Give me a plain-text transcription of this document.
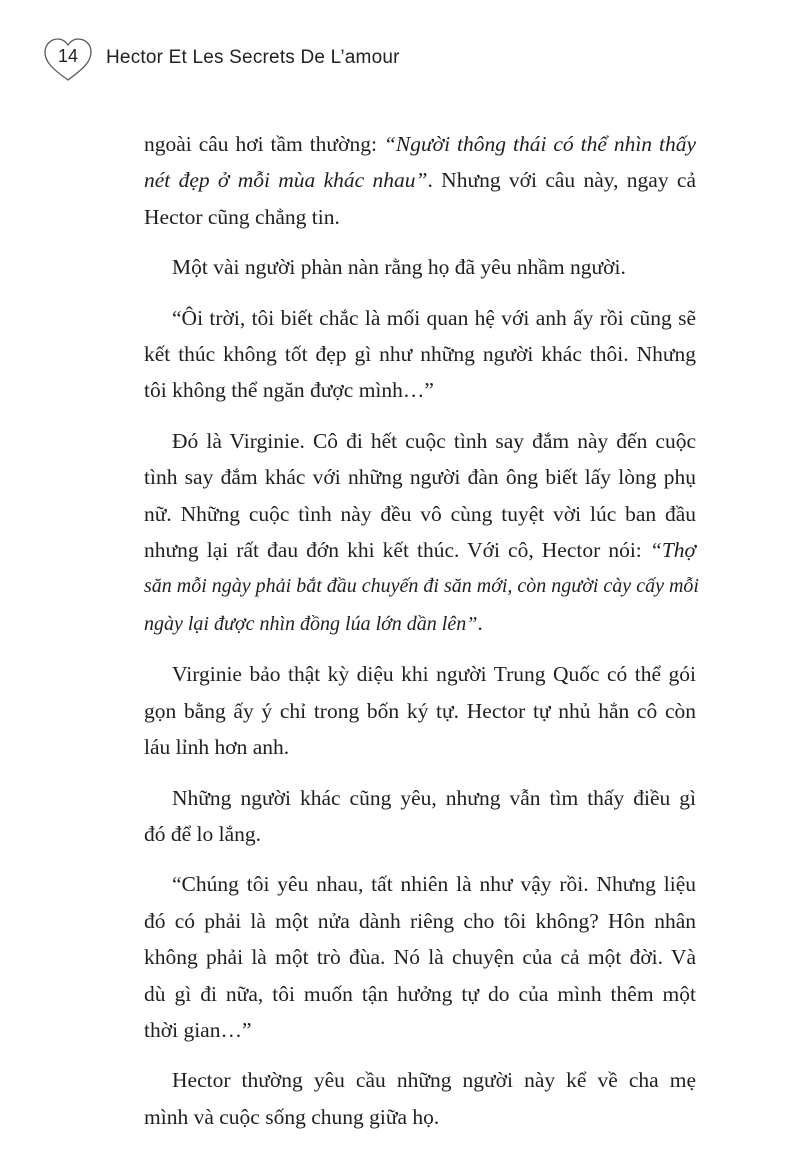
14	Hector Et Les Secrets De L’amour

ngoài câu hơi tầm thường: “Người thông thái có thể nhìn thấy
nét đẹp ở mỗi mùa khác nhau”. Nhưng với câu này, ngay cả
Hector cũng chẳng tin.

Một vài người phàn nàn rằng họ đã yêu nhầm người.

“Ôi trời, tôi biết chắc là mối quan hệ với anh ấy rồi cũng sẽ
kết thúc không tốt đẹp gì như những người khác thôi. Nhưng
tôi không thể ngăn được mình…”

Đó là Virginie. Cô đi hết cuộc tình say đắm này đến cuộc
tình say đắm khác với những người đàn ông biết lấy lòng phụ
nữ. Những cuộc tình này đều vô cùng tuyệt vời lúc ban đầu
nhưng lại rất đau đớn khi kết thúc. Với cô, Hector nói: “Thợ
săn mỗi ngày phải bắt đầu chuyến đi săn mới, còn người cày cấy mỗi
ngày lại được nhìn đồng lúa lớn dần lên”.

Virginie bảo thật kỳ diệu khi người Trung Quốc có thể gói
gọn bằng ấy ý chỉ trong bốn ký tự. Hector tự nhủ hẳn cô còn
láu lỉnh hơn anh.

Những người khác cũng yêu, nhưng vẫn tìm thấy điều gì
đó để lo lắng.

“Chúng tôi yêu nhau, tất nhiên là như vậy rồi. Nhưng liệu
đó có phải là một nửa dành riêng cho tôi không? Hôn nhân
không phải là một trò đùa. Nó là chuyện của cả một đời. Và
dù gì đi nữa, tôi muốn tận hưởng tự do của mình thêm một
thời gian…”

Hector thường yêu cầu những người này kể về cha mẹ
mình và cuộc sống chung giữa họ.
